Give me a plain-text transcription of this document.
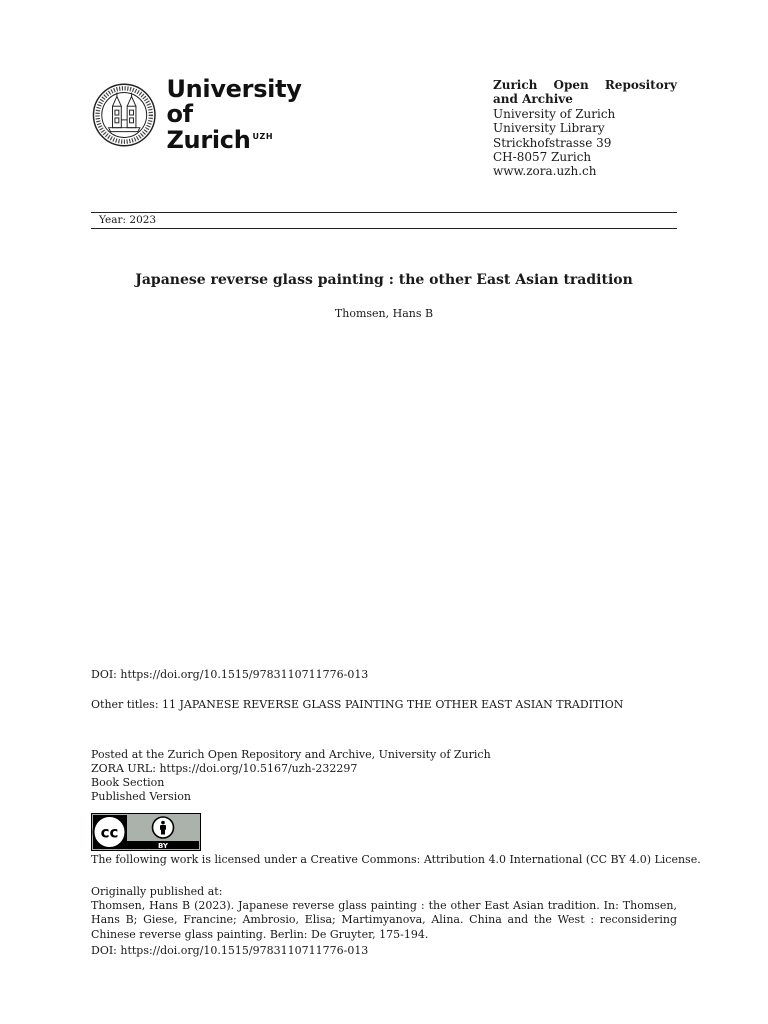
University of
Zurich $^{UZH}$
Zurich Open Repository and Archive
University of Zurich
University Library
Strickhofstrasse 39
CH-8057 Zurich
www.zora.uzh.ch
Year: 2023
Japanese reverse glass painting : the other East Asian tradition
Thomsen, Hans B
DOI: https://doi.org/10.1515/9783110711776-013
Other titles: 11 JAPANESE REVERSE GLASS PAINTING THE OTHER EAST ASIAN TRADITION
Posted at the Zurich Open Repository and Archive, University of Zurich
ZORA URL: https://doi.org/10.5167/uzh-232297
Book Section
Published Version
cc
BY
The following work is licensed under a Creative Commons: Attribution 4.0 International (CC BY 4.0) License.
Originally published at:
Thomsen, Hans B (2023). Japanese reverse glass painting : the other East Asian tradition. In: Thomsen, Hans B; Giese, Francine; Ambrosio, Elisa; Martimyanova, Alina. China and the West : reconsidering Chinese reverse glass painting. Berlin: De Gruyter, 175-194.
DOI: https://doi.org/10.1515/9783110711776-013
